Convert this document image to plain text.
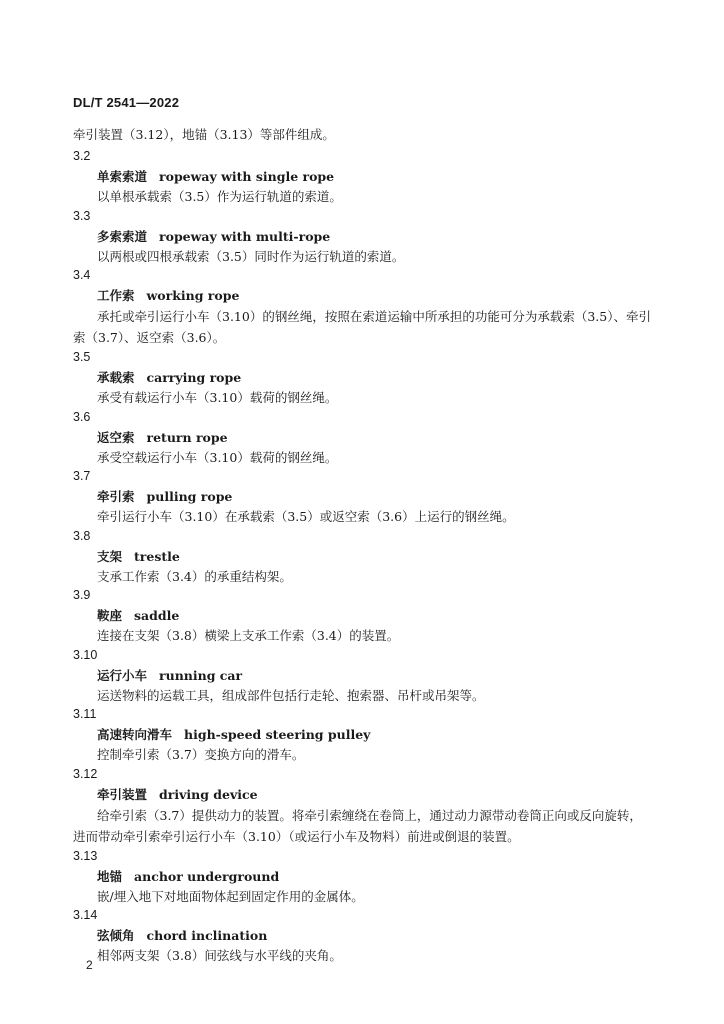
DL/T 2541—2022
牵引装置（3.12），地锚（3.13）等部件组成。
3.2
单索索道 ropeway with single rope
以单根承载索（3.5）作为运行轨道的索道。
3.3
多索索道 ropeway with multi-rope
以两根或四根承载索（3.5）同时作为运行轨道的索道。
3.4
工作索 working rope
承托或牵引运行小车（3.10）的钢丝绳，按照在索道运输中所承担的功能可分为承载索（3.5）、牵引索（3.7）、返空索（3.6）。
3.5
承载索 carrying rope
承受有载运行小车（3.10）载荷的钢丝绳。
3.6
返空索 return rope
承受空载运行小车（3.10）载荷的钢丝绳。
3.7
牵引索 pulling rope
牵引运行小车（3.10）在承载索（3.5）或返空索（3.6）上运行的钢丝绳。
3.8
支架 trestle
支承工作索（3.4）的承重结构架。
3.9
鞍座 saddle
连接在支架（3.8）横梁上支承工作索（3.4）的装置。
3.10
运行小车 running car
运送物料的运载工具，组成部件包括行走轮、抱索器、吊杆或吊架等。
3.11
高速转向滑车 high-speed steering pulley
控制牵引索（3.7）变换方向的滑车。
3.12
牵引装置 driving device
给牵引索（3.7）提供动力的装置。将牵引索缠绕在卷筒上，通过动力源带动卷筒正向或反向旋转，进而带动牵引索牵引运行小车（3.10）（或运行小车及物料）前进或倒退的装置。
3.13
地锚 anchor underground
嵌/埋入地下对地面物体起到固定作用的金属体。
3.14
弦倾角 chord inclination
相邻两支架（3.8）间弦线与水平线的夹角。
2
